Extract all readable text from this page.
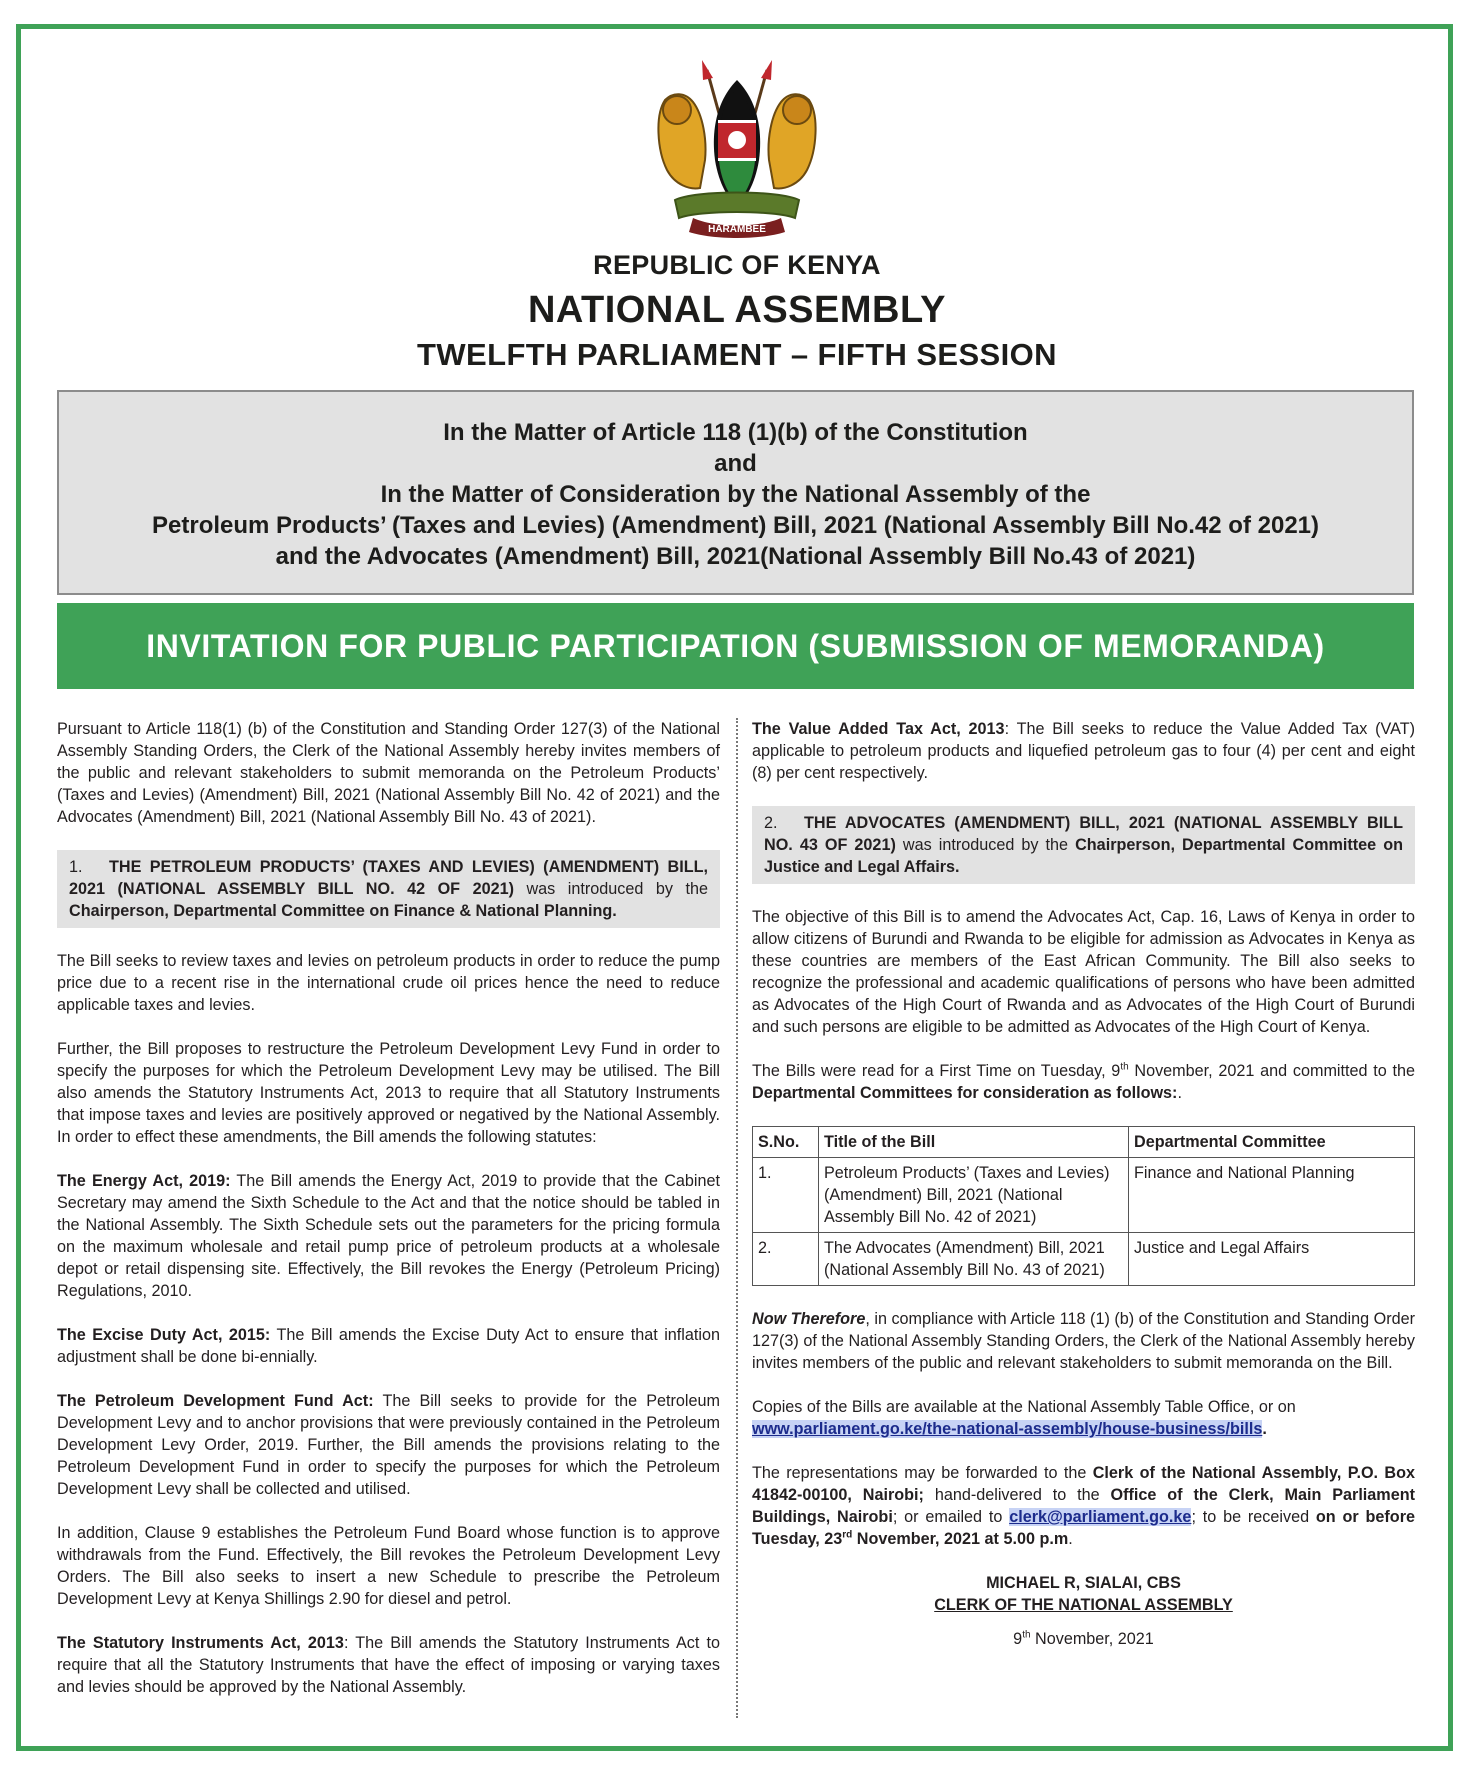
HARAMBEE
REPUBLIC OF KENYA
NATIONAL ASSEMBLY
TWELFTH PARLIAMENT – FIFTH SESSION
In the Matter of Article 118 (1)(b) of the Constitution
and
In the Matter of Consideration by the National Assembly of the
Petroleum Products’ (Taxes and Levies) (Amendment) Bill, 2021 (National Assembly Bill No.42 of 2021)
and the Advocates (Amendment) Bill, 2021(National Assembly Bill No.43 of 2021)
INVITATION FOR PUBLIC PARTICIPATION (SUBMISSION OF MEMORANDA)

Pursuant to Article 118(1) (b) of the Constitution and Standing Order 127(3) of the National Assembly Standing Orders, the Clerk of the National Assembly hereby invites members of the public and relevant stakeholders to submit memoranda on the Petroleum Products’ (Taxes and Levies) (Amendment) Bill, 2021 (National Assembly Bill No. 42 of 2021) and the Advocates (Amendment) Bill, 2021 (National Assembly Bill No. 43 of 2021).

1. THE PETROLEUM PRODUCTS’ (TAXES AND LEVIES) (AMENDMENT) BILL, 2021 (NATIONAL ASSEMBLY BILL NO. 42 OF 2021) was introduced by the Chairperson, Departmental Committee on Finance & National Planning.

The Bill seeks to review taxes and levies on petroleum products in order to reduce the pump price due to a recent rise in the international crude oil prices hence the need to reduce applicable taxes and levies.

Further, the Bill proposes to restructure the Petroleum Development Levy Fund in order to specify the purposes for which the Petroleum Development Levy may be utilised. The Bill also amends the Statutory Instruments Act, 2013 to require that all Statutory Instruments that impose taxes and levies are positively approved or negatived by the National Assembly. In order to effect these amendments, the Bill amends the following statutes:

The Energy Act, 2019: The Bill amends the Energy Act, 2019 to provide that the Cabinet Secretary may amend the Sixth Schedule to the Act and that the notice should be tabled in the National Assembly. The Sixth Schedule sets out the parameters for the pricing formula on the maximum wholesale and retail pump price of petroleum products at a wholesale depot or retail dispensing site. Effectively, the Bill revokes the Energy (Petroleum Pricing) Regulations, 2010.

The Excise Duty Act, 2015: The Bill amends the Excise Duty Act to ensure that inflation adjustment shall be done bi-ennially.

The Petroleum Development Fund Act: The Bill seeks to provide for the Petroleum Development Levy and to anchor provisions that were previously contained in the Petroleum Development Levy Order, 2019. Further, the Bill amends the provisions relating to the Petroleum Development Fund in order to specify the purposes for which the Petroleum Development Levy shall be collected and utilised.

In addition, Clause 9 establishes the Petroleum Fund Board whose function is to approve withdrawals from the Fund. Effectively, the Bill revokes the Petroleum Development Levy Orders. The Bill also seeks to insert a new Schedule to prescribe the Petroleum Development Levy at Kenya Shillings 2.90 for diesel and petrol.

The Statutory Instruments Act, 2013: The Bill amends the Statutory Instruments Act to require that all the Statutory Instruments that have the effect of imposing or varying taxes and levies should be approved by the National Assembly.

The Value Added Tax Act, 2013: The Bill seeks to reduce the Value Added Tax (VAT) applicable to petroleum products and liquefied petroleum gas to four (4) per cent and eight (8) per cent respectively.

2. THE ADVOCATES (AMENDMENT) BILL, 2021 (NATIONAL ASSEMBLY BILL NO. 43 OF 2021) was introduced by the Chairperson, Departmental Committee on Justice and Legal Affairs.

The objective of this Bill is to amend the Advocates Act, Cap. 16, Laws of Kenya in order to allow citizens of Burundi and Rwanda to be eligible for admission as Advocates in Kenya as these countries are members of the East African Community. The Bill also seeks to recognize the professional and academic qualifications of persons who have been admitted as Advocates of the High Court of Rwanda and as Advocates of the High Court of Burundi and such persons are eligible to be admitted as Advocates of the High Court of Kenya.

The Bills were read for a First Time on Tuesday, 9th November, 2021 and committed to the Departmental Committees for consideration as follows:.

S.No.	Title of the Bill	Departmental Committee
1.	Petroleum Products’ (Taxes and Levies) (Amendment) Bill, 2021 (National Assembly Bill No. 42 of 2021)	Finance and National Planning
2.	The Advocates (Amendment) Bill, 2021 (National Assembly Bill No. 43 of 2021)	Justice and Legal Affairs

Now Therefore, in compliance with Article 118 (1) (b) of the Constitution and Standing Order 127(3) of the National Assembly Standing Orders, the Clerk of the National Assembly hereby invites members of the public and relevant stakeholders to submit memoranda on the Bill.

Copies of the Bills are available at the National Assembly Table Office, or on
www.parliament.go.ke/the-national-assembly/house-business/bills.

The representations may be forwarded to the Clerk of the National Assembly, P.O. Box 41842-00100, Nairobi; hand-delivered to the Office of the Clerk, Main Parliament Buildings, Nairobi; or emailed to clerk@parliament.go.ke; to be received on or before Tuesday, 23rd November, 2021 at 5.00 p.m.

MICHAEL R, SIALAI, CBS
CLERK OF THE NATIONAL ASSEMBLY
9th November, 2021
